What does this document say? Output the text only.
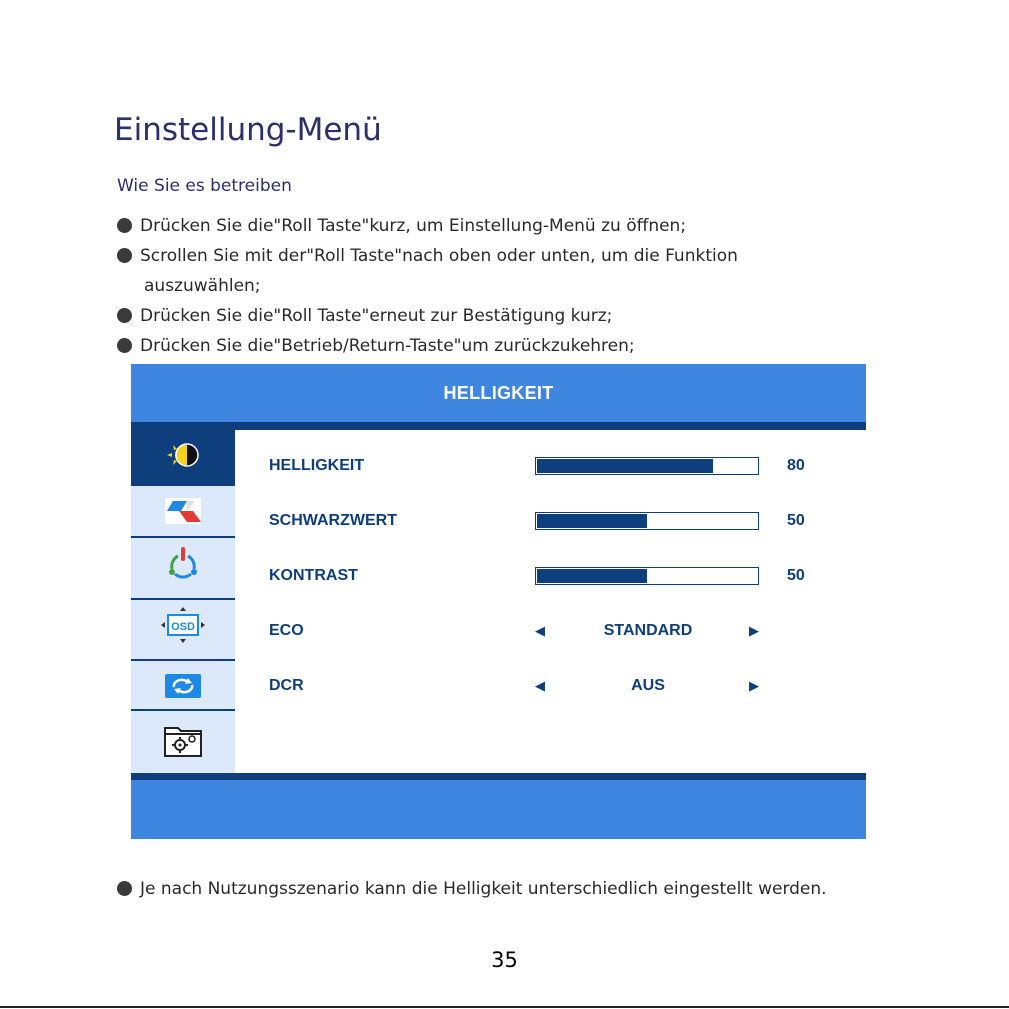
Einstellung-Menü
Wie Sie es betreiben
Drücken Sie die"Roll Taste"kurz, um Einstellung-Menü zu öffnen;
Scrollen Sie mit der"Roll Taste"nach oben oder unten, um die Funktion
auszuwählen;
Drücken Sie die"Roll Taste"erneut zur Bestätigung kurz;
Drücken Sie die"Betrieb/Return-Taste"um zurückzukehren;
HELLIGKEIT
OSD
HELLIGKEIT	80
SCHWARZWERT	50
KONTRAST	50
ECO	◀	STANDARD	▶
DCR	◀	AUS	▶
Je nach Nutzungsszenario kann die Helligkeit unterschiedlich eingestellt werden.
35
